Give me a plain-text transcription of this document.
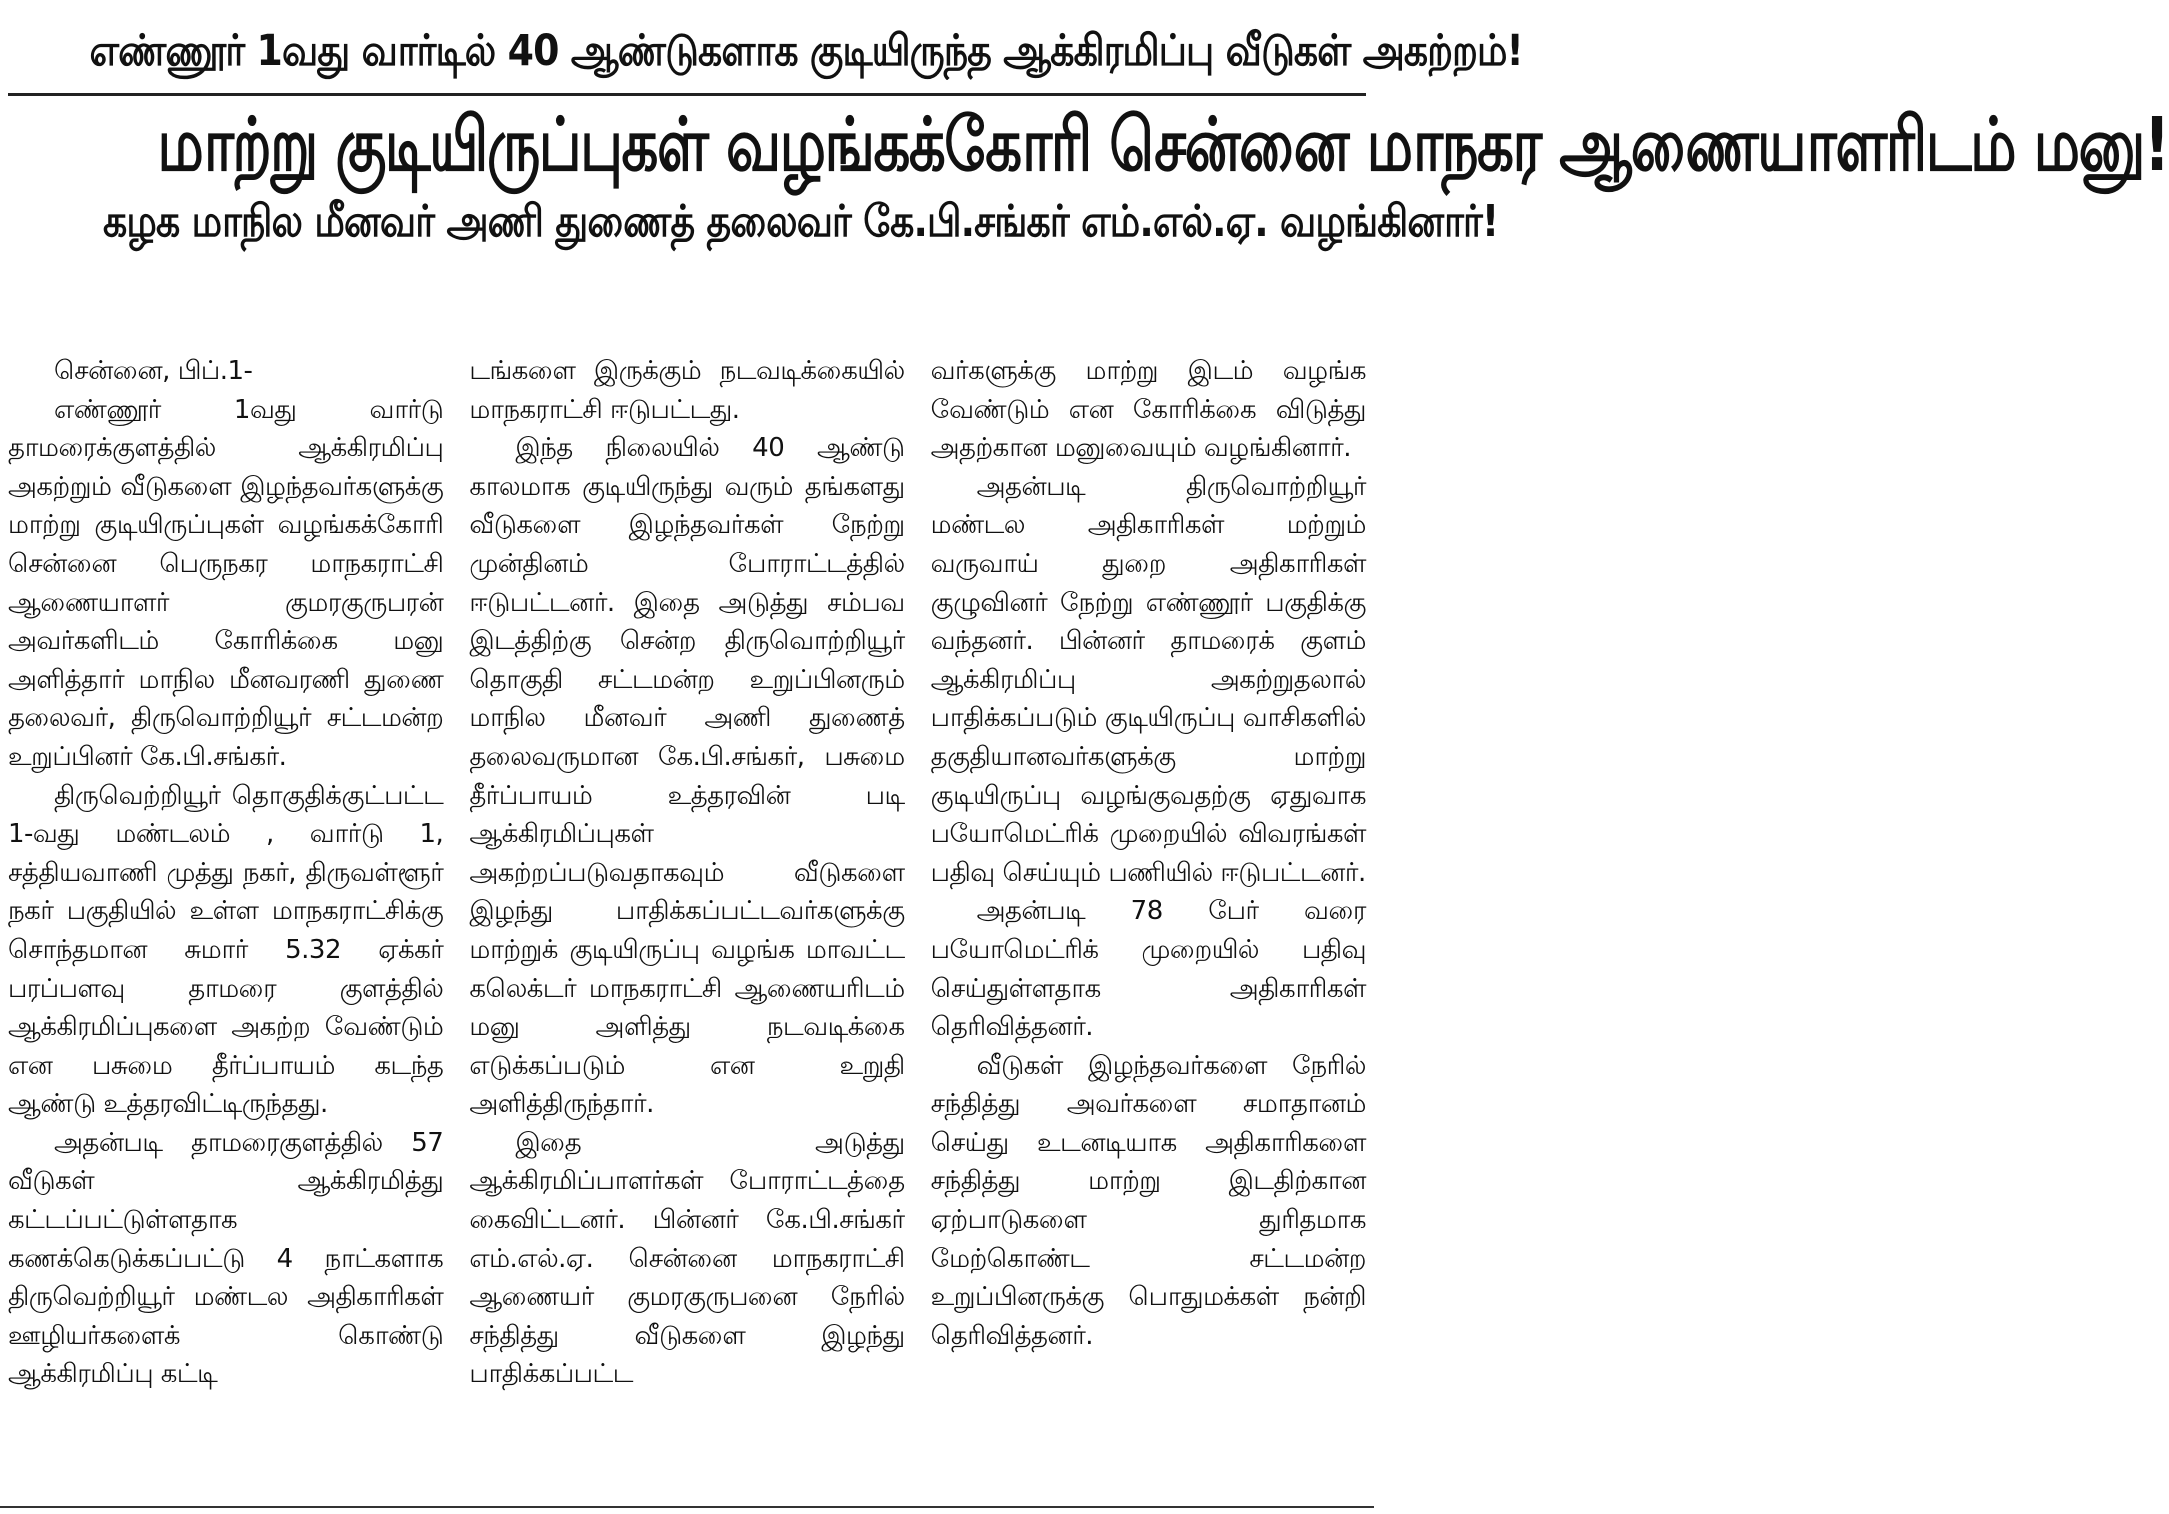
எண்ணூர் 1வது வார்டில் 40 ஆண்டுகளாக குடியிருந்த ஆக்கிரமிப்பு வீடுகள் அகற்றம்!
மாற்று குடியிருப்புகள் வழங்கக்கோரி சென்னை மாநகர ஆணையாளரிடம் மனு!
கழக மாநில மீனவர் அணி துணைத் தலைவர் கே.பி.சங்கர் எம்.எல்.ஏ. வழங்கினார்!

சென்னை, பிப்.1-

எண்ணூர் 1வது வார்டு தாமரைக்குளத்தில் ஆக்கிரமிப்பு அகற்றும் வீடுகளை இழந்தவர்களுக்கு மாற்று குடியிருப்புகள் வழங்கக்கோரி சென்னை பெருநகர மாநகராட்சி ஆணையாளர் குமரகுருபரன் அவர்களிடம் கோரிக்கை மனு அளித்தார் மாநில மீனவரணி துணை தலைவர், திருவொற்றியூர் சட்டமன்ற உறுப்பினர் கே.பி.சங்கர்.

திருவெற்றியூர் தொகுதிக்குட்பட்ட 1-வது மண்டலம் , வார்டு 1, சத்தியவாணி முத்து நகர், திருவள்ளூர் நகர் பகுதியில் உள்ள மாநகராட்சிக்கு சொந்தமான சுமார் 5.32 ஏக்கர் பரப்பளவு தாமரை குளத்தில் ஆக்கிரமிப்புகளை அகற்ற வேண்டும் என பசுமை தீர்ப்பாயம் கடந்த ஆண்டு உத்தரவிட்டிருந்தது.

அதன்படி தாமரைகுளத்தில் 57 வீடுகள் ஆக்கிரமித்து கட்டப்பட்டுள்ளதாக கணக்கெடுக்கப்பட்டு 4 நாட்களாக திருவெற்றியூர் மண்டல அதிகாரிகள் ஊழியர்களைக் கொண்டு ஆக்கிரமிப்பு கட்டி

டங்களை இருக்கும் நடவடிக்கையில் மாநகராட்சி ஈடுபட்டது.

இந்த நிலையில் 40 ஆண்டு காலமாக குடியிருந்து வரும் தங்களது வீடுகளை இழந்தவர்கள் நேற்று முன்தினம் போராட்டத்தில் ஈடுபட்டனர். இதை அடுத்து சம்பவ இடத்திற்கு சென்ற திருவொற்றியூர் தொகுதி சட்டமன்ற உறுப்பினரும் மாநில மீனவர் அணி துணைத் தலைவருமான கே.பி.சங்கர், பசுமை தீர்ப்பாயம் உத்தரவின் படி ஆக்கிரமிப்புகள் அகற்றப்படுவதாகவும் வீடுகளை இழந்து பாதிக்கப்பட்டவர்களுக்கு மாற்றுக் குடியிருப்பு வழங்க மாவட்ட கலெக்டர் மாநகராட்சி ஆணையரிடம் மனு அளித்து நடவடிக்கை எடுக்கப்படும் என உறுதி அளித்திருந்தார்.

இதை அடுத்து ஆக்கிரமிப்பாளர்கள் போராட்டத்தை கைவிட்டனர். பின்னர் கே.பி.சங்கர் எம்.எல்.ஏ. சென்னை மாநகராட்சி ஆணையர் குமரகுருபனை நேரில் சந்தித்து வீடுகளை இழந்து பாதிக்கப்பட்ட

வர்களுக்கு மாற்று இடம் வழங்க வேண்டும் என கோரிக்கை விடுத்து அதற்கான மனுவையும் வழங்கினார்.

அதன்படி திருவொற்றியூர் மண்டல அதிகாரிகள் மற்றும் வருவாய் துறை அதிகாரிகள் குழுவினர் நேற்று எண்ணூர் பகுதிக்கு வந்தனர். பின்னர் தாமரைக் குளம் ஆக்கிரமிப்பு அகற்றுதலால் பாதிக்கப்படும் குடியிருப்பு வாசிகளில் தகுதியானவர்களுக்கு மாற்று குடியிருப்பு வழங்குவதற்கு ஏதுவாக பயோமெட்ரிக் முறையில் விவரங்கள் பதிவு செய்யும் பணியில் ஈடுபட்டனர்.

அதன்படி 78 பேர் வரை பயோமெட்ரிக் முறையில் பதிவு செய்துள்ளதாக அதிகாரிகள் தெரிவித்தனர்.

வீடுகள் இழந்தவர்களை நேரில் சந்தித்து அவர்களை சமாதானம் செய்து உடனடியாக அதிகாரிகளை சந்தித்து மாற்று இடதிற்கான ஏற்பாடுகளை துரிதமாக மேற்கொண்ட சட்டமன்ற உறுப்பினருக்கு பொதுமக்கள் நன்றி தெரிவித்தனர்.
